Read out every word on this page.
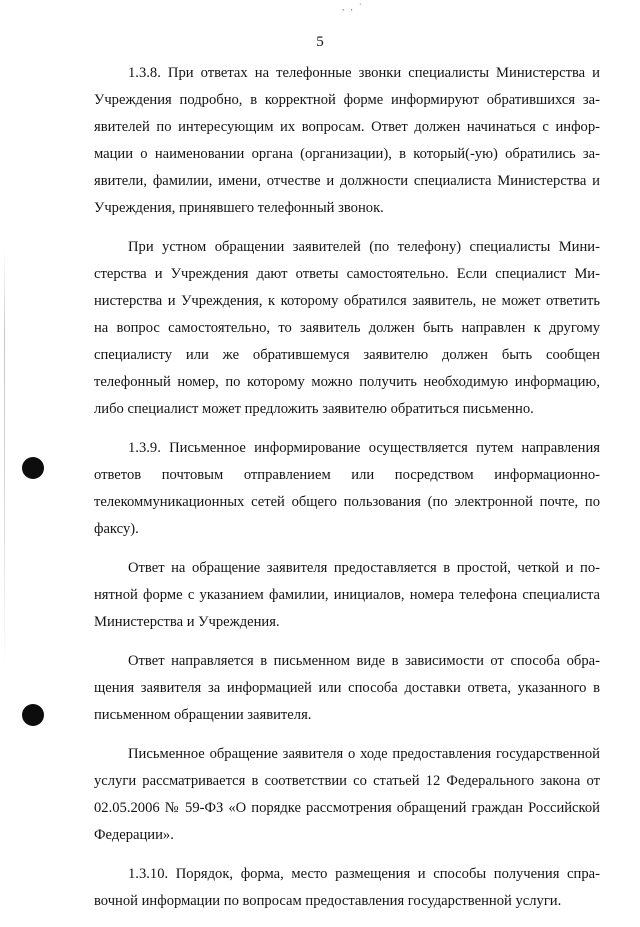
, , `
5

1.3.8. При ответах на телефонные звонки специалисты Министерства и Учреждения подробно, в корректной форме информируют обратившихся заявителей по интересующим их вопросам. Ответ должен начинаться с информации о наименовании органа (организации), в который(-ую) обратились заявители, фамилии, имени, отчестве и должности специалиста Министерства и Учреждения, принявшего телефонный звонок.

При устном обращении заявителей (по телефону) специалисты Министерства и Учреждения дают ответы самостоятельно. Если специалист Министерства и Учреждения, к которому обратился заявитель, не может ответить на вопрос самостоятельно, то заявитель должен быть направлен к другому специалисту или же обратившемуся заявителю должен быть сообщен телефонный номер, по которому можно получить необходимую информацию, либо специалист может предложить заявителю обратиться письменно.

1.3.9. Письменное информирование осуществляется путем направления ответов почтовым отправлением или посредством информационно-телекоммуникационных сетей общего пользования (по электронной почте, по факсу).

Ответ на обращение заявителя предоставляется в простой, четкой и понятной форме с указанием фамилии, инициалов, номера телефона специалиста Министерства и Учреждения.

Ответ направляется в письменном виде в зависимости от способа обращения заявителя за информацией или способа доставки ответа, указанного в письменном обращении заявителя.

Письменное обращение заявителя о ходе предоставления государственной услуги рассматривается в соответствии со статьей 12 Федерального закона от 02.05.2006 № 59-ФЗ «О порядке рассмотрения обращений граждан Российской Федерации».

1.3.10. Порядок, форма, место размещения и способы получения справочной информации по вопросам предоставления государственной услуги.
